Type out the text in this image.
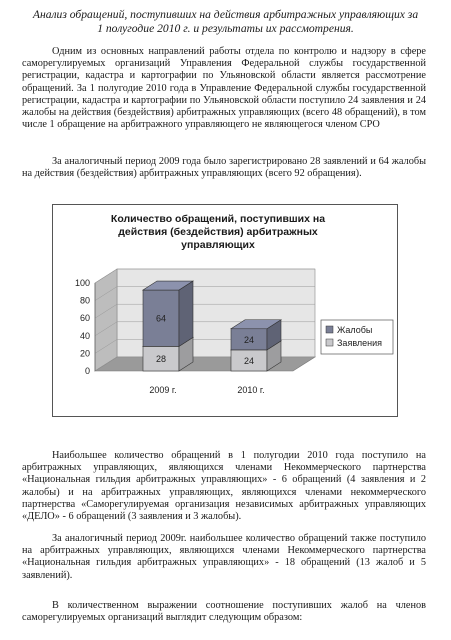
Анализ обращений, поступивших на действия арбитражных управляющих за
1 полугодие 2010 г. и результаты их рассмотрения.

Одним из основных направлений работы отдела по контролю и надзору в сфере саморегулируемых организаций Управления Федеральной службы государственной регистрации, кадастра и картографии по Ульяновской области является рассмотрение обращений. За 1 полугодие 2010 года в Управление Федеральной службы государственной регистрации, кадастра и картографии по Ульяновской области поступило 24 заявления и 24 жалобы на действия (бездействия) арбитражных управляющих (всего 48 обращений), в том числе 1 обращение на арбитражного управляющего не являющегося членом СРО

За аналогичный период 2009 года было зарегистрировано 28 заявлений и 64 жалобы на действия (бездействия) арбитражных управляющих (всего 92 обращения).

Количество обращений, поступивших на действия (бездействия) арбитражных управляющих
0
20
40
60
80
100
28
64
2009 г.
24
24
2010 г.
Жалобы
Заявления

Наибольшее количество обращений в 1 полугодии 2010 года поступило на арбитражных управляющих, являющихся членами Некоммерческого партнерства «Национальная гильдия арбитражных управляющих» - 6 обращений (4 заявления и 2 жалобы) и на арбитражных управляющих, являющихся членами некоммерческого партнерства «Саморегулируемая организация независимых арбитражных управляющих «ДЕЛО» - 6 обращений (3 заявления и 3 жалобы).

За аналогичный период 2009г. наибольшее количество обращений также поступило на арбитражных управляющих, являющихся членами Некоммерческого партнерства «Национальная гильдия арбитражных управляющих» - 18 обращений (13 жалоб и 5 заявлений).

В количественном выражении соотношение поступивших жалоб на членов саморегулируемых организаций выглядит следующим образом:
